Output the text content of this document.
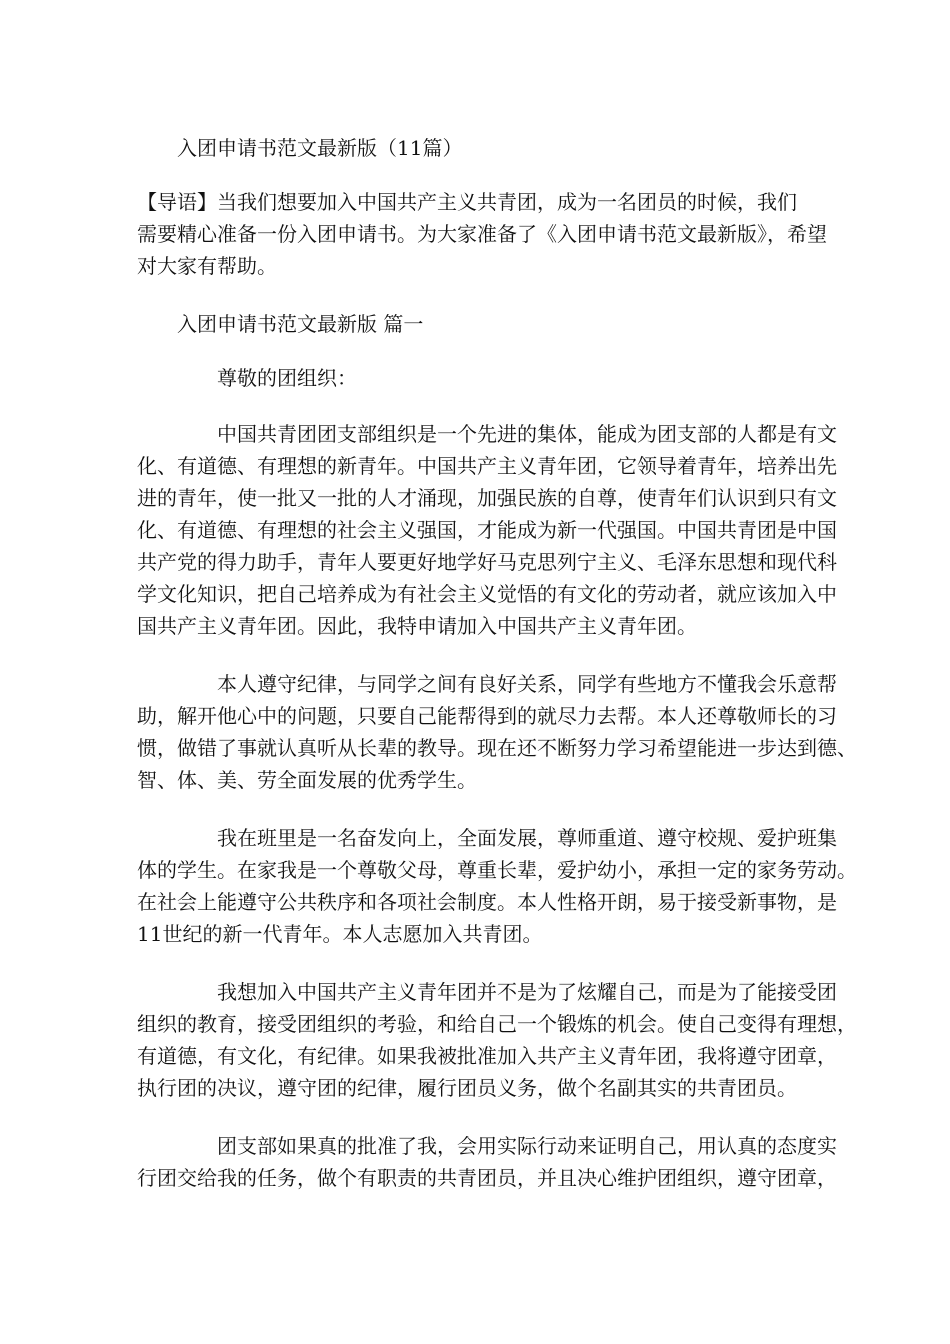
入团申请书范文最新版（11篇）

【导语】当我们想要加入中国共产主义共青团，成为一名团员的时候，我们
需要精心准备一份入团申请书。为大家准备了《入团申请书范文最新版》，希望
对大家有帮助。

入团申请书范文最新版 篇一

尊敬的团组织：

中国共青团团支部组织是一个先进的集体，能成为团支部的人都是有文
化、有道德、有理想的新青年。中国共产主义青年团，它领导着青年，培养出先
进的青年，使一批又一批的人才涌现，加强民族的自尊，使青年们认识到只有文
化、有道德、有理想的社会主义强国，才能成为新一代强国。中国共青团是中国
共产党的得力助手，青年人要更好地学好马克思列宁主义、毛泽东思想和现代科
学文化知识，把自己培养成为有社会主义觉悟的有文化的劳动者，就应该加入中
国共产主义青年团。因此，我特申请加入中国共产主义青年团。

本人遵守纪律，与同学之间有良好关系，同学有些地方不懂我会乐意帮
助，解开他心中的问题，只要自己能帮得到的就尽力去帮。本人还尊敬师长的习
惯，做错了事就认真听从长辈的教导。现在还不断努力学习希望能进一步达到德、
智、体、美、劳全面发展的优秀学生。

我在班里是一名奋发向上，全面发展，尊师重道、遵守校规、爱护班集
体的学生。在家我是一个尊敬父母，尊重长辈，爱护幼小，承担一定的家务劳动。
在社会上能遵守公共秩序和各项社会制度。本人性格开朗，易于接受新事物，是
11世纪的新一代青年。本人志愿加入共青团。

我想加入中国共产主义青年团并不是为了炫耀自己，而是为了能接受团
组织的教育，接受团组织的考验，和给自己一个锻炼的机会。使自己变得有理想，
有道德，有文化，有纪律。如果我被批准加入共产主义青年团，我将遵守团章，
执行团的决议，遵守团的纪律，履行团员义务，做个名副其实的共青团员。

团支部如果真的批准了我，会用实际行动来证明自己，用认真的态度实
行团交给我的任务，做个有职责的共青团员，并且决心维护团组织，遵守团章，
